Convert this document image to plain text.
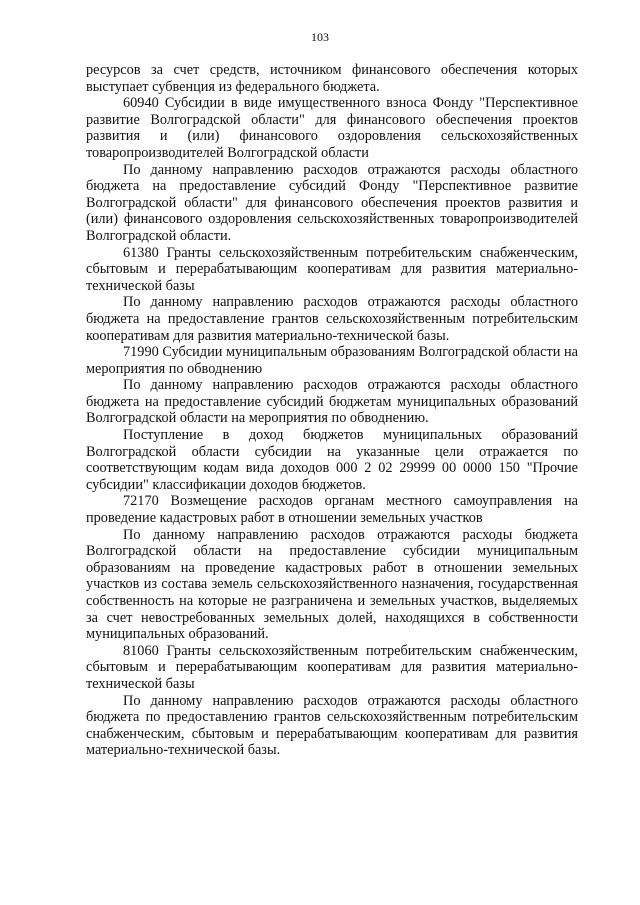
103

ресурсов за счет средств, источником финансового обеспечения которых выступает субвенция из федерального бюджета.

60940 Субсидии в виде имущественного взноса Фонду "Перспективное развитие Волгоградской области" для финансового обеспечения проектов развития и (или) финансового оздоровления сельскохозяйственных товаропроизводителей Волгоградской области

По данному направлению расходов отражаются расходы областного бюджета на предоставление субсидий Фонду "Перспективное развитие Волгоградской области" для финансового обеспечения проектов развития и (или) финансового оздоровления сельскохозяйственных товаропроизводителей Волгоградской области.

61380 Гранты сельскохозяйственным потребительским снабженческим, сбытовым и перерабатывающим кооперативам для развития материально-технической базы

По данному направлению расходов отражаются расходы областного бюджета на предоставление грантов сельскохозяйственным потребительским кооперативам для развития материально-технической базы.

71990 Субсидии муниципальным образованиям Волгоградской области на мероприятия по обводнению

По данному направлению расходов отражаются расходы областного бюджета на предоставление субсидий бюджетам муниципальных образований Волгоградской области на мероприятия по обводнению.

Поступление в доход бюджетов муниципальных образований Волгоградской области субсидии на указанные цели отражается по соответствующим кодам вида доходов 000 2 02 29999 00 0000 150 "Прочие субсидии" классификации доходов бюджетов.

72170 Возмещение расходов органам местного самоуправления на проведение кадастровых работ в отношении земельных участков

По данному направлению расходов отражаются расходы бюджета Волгоградской области на предоставление субсидии муниципальным образованиям на проведение кадастровых работ в отношении земельных участков из состава земель сельскохозяйственного назначения, государственная собственность на которые не разграничена и земельных участков, выделяемых за счет невостребованных земельных долей, находящихся в собственности муниципальных образований.

81060 Гранты сельскохозяйственным потребительским снабженческим, сбытовым и перерабатывающим кооперативам для развития материально-технической базы

По данному направлению расходов отражаются расходы областного бюджета по предоставлению грантов сельскохозяйственным потребительским снабженческим, сбытовым и перерабатывающим кооперативам для развития материально-технической базы.
